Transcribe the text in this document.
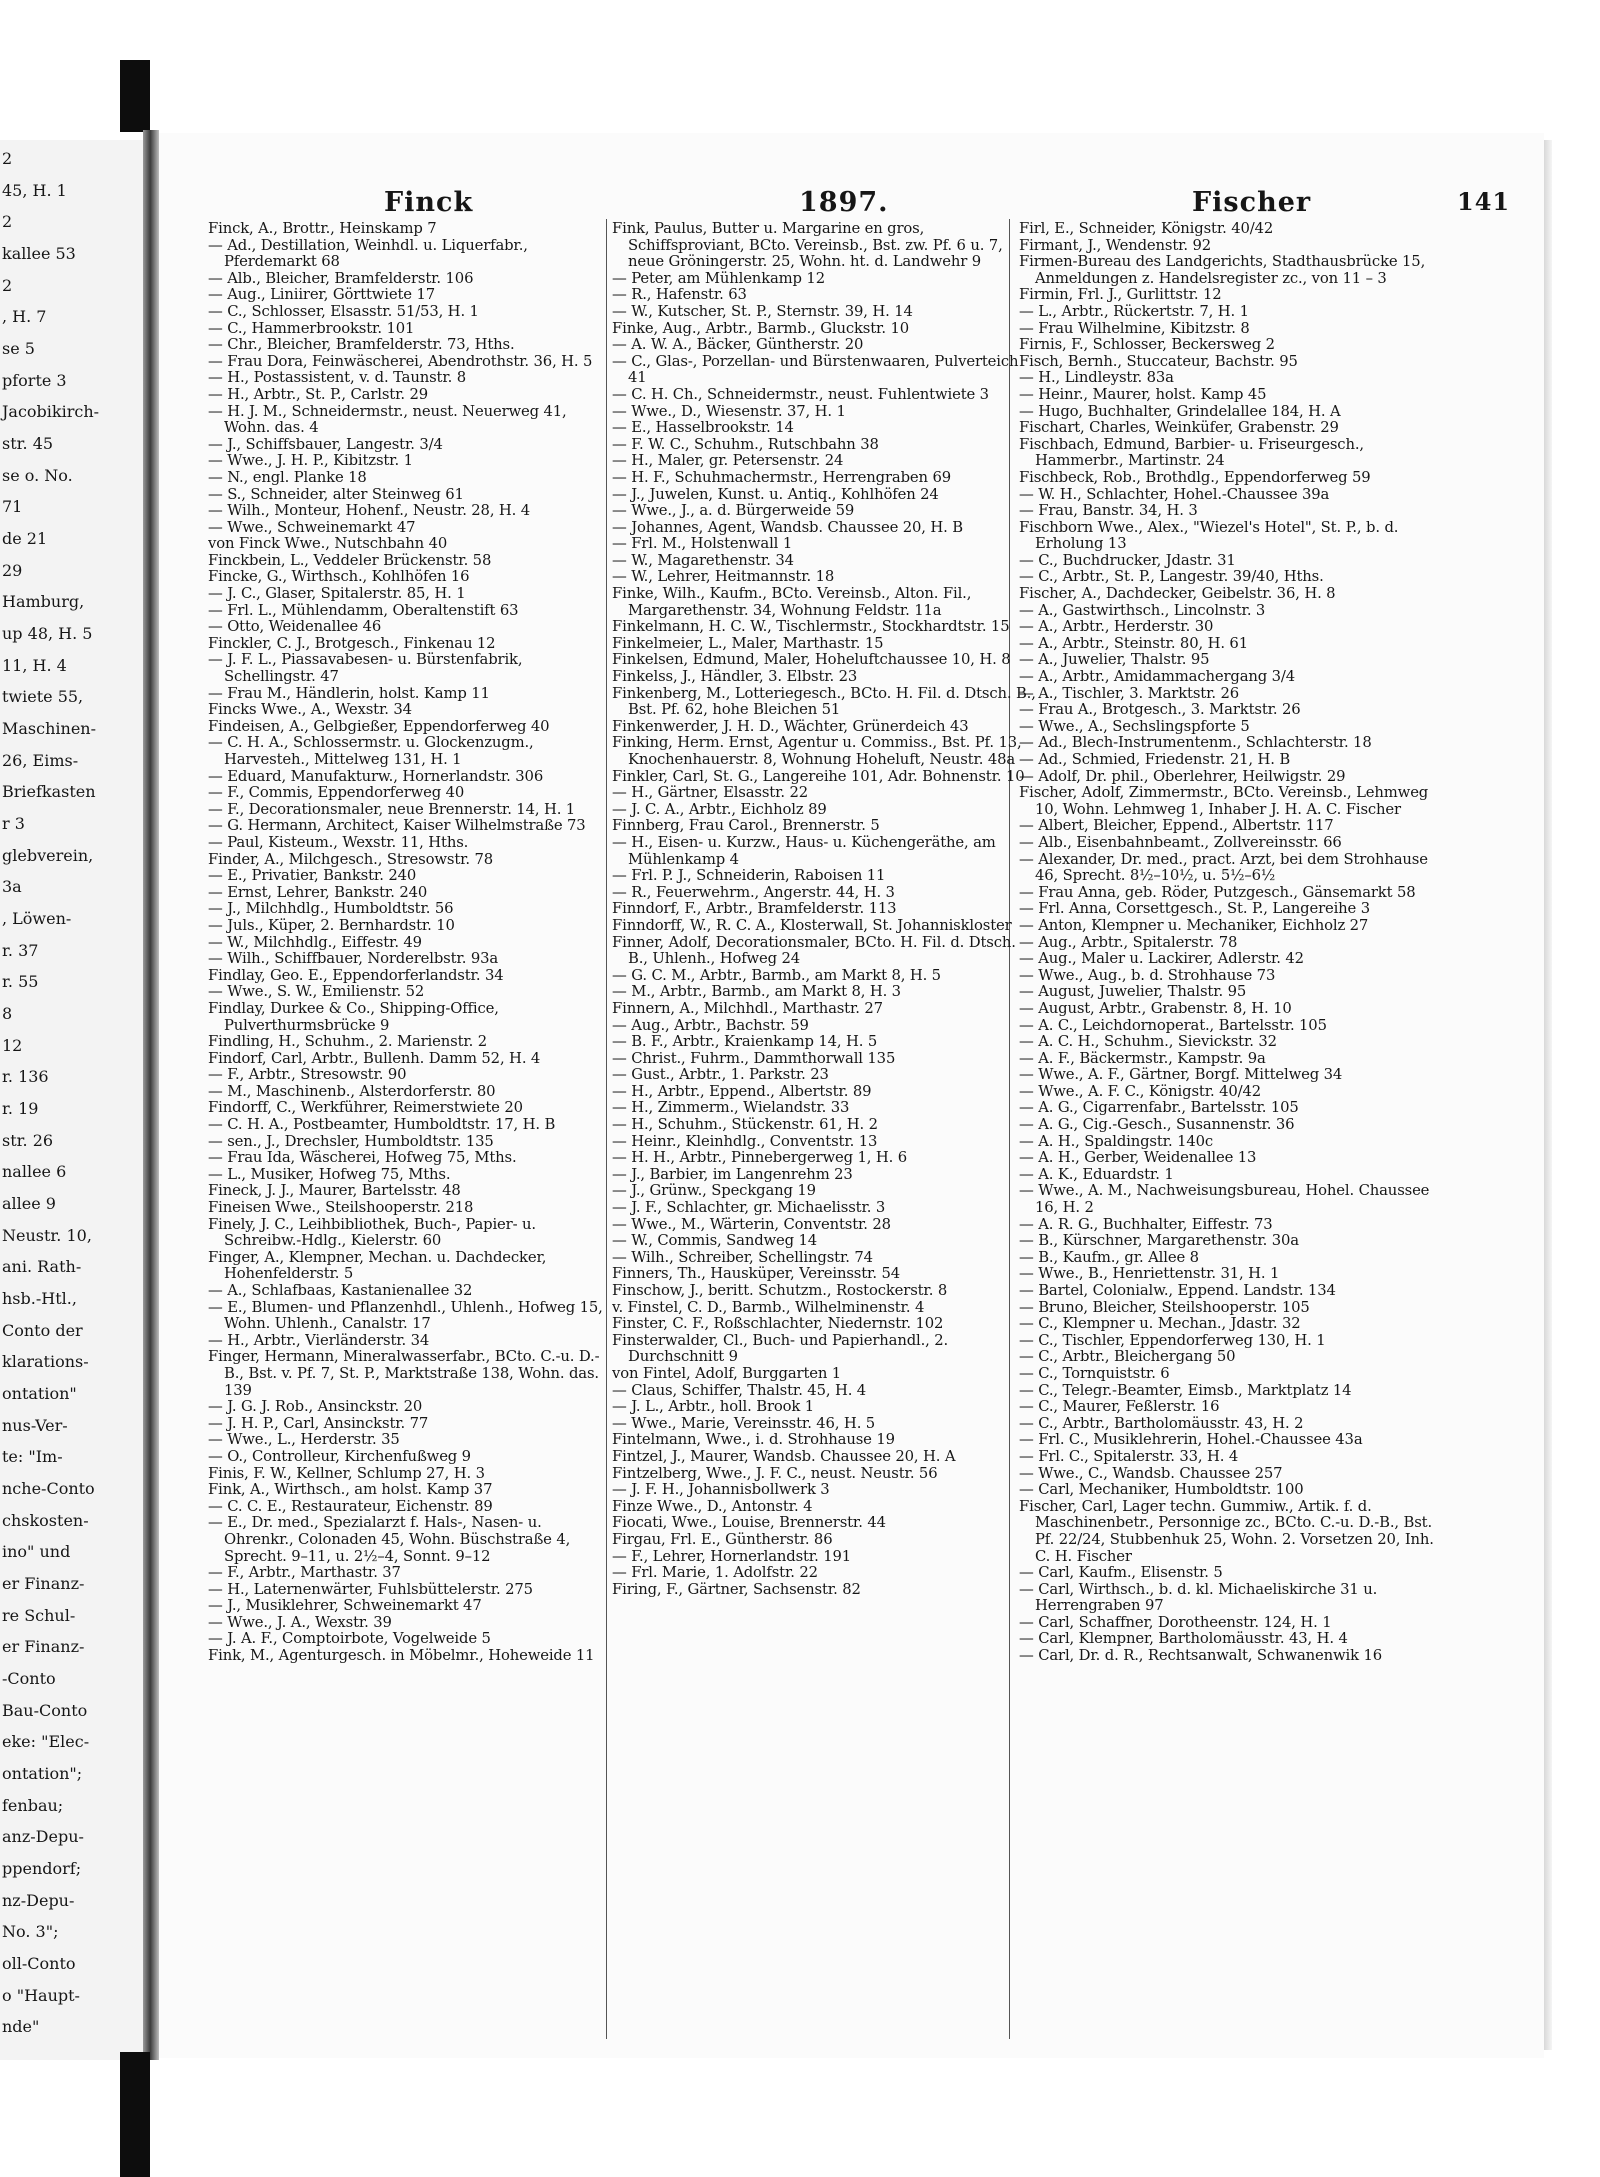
2
45, H. 1
2
kallee 53
2
, H. 7
se 5
pforte 3
Jacobikirch-
str. 45
se o. No.
71
de 21
29
Hamburg,
up 48, H. 5
11, H. 4
twiete 55,
Maschinen-
26, Eims-
Briefkasten
r 3
glebverein,
3a
, Löwen-
r. 37
r. 55
8
12
r. 136
r. 19
str. 26
nallee 6
allee 9
Neustr. 10,
ani. Rath-
hsb.-Htl.,
Conto der
klarations-
ontation"
nus-Ver-
te: "Im-
nche-Conto
chskosten-
ino" und
er Finanz-
re Schul-
er Finanz-
-Conto
Bau-Conto
eke: "Elec-
ontation";
fenbau;
anz-Depu-
ppendorf;
nz-Depu-
No. 3";
oll-Conto
o "Haupt-
nde"
Finck	1897.	Fischer	141

Finck, A., Brottr., Heinskamp 7

— Ad., Destillation, Weinhdl. u. Liquerfabr., Pferdemarkt 68

— Alb., Bleicher, Bramfelderstr. 106

— Aug., Liniirer, Görttwiete 17

— C., Schlosser, Elsasstr. 51/53, H. 1

— C., Hammerbrookstr. 101

— Chr., Bleicher, Bramfelderstr. 73, Hths.

— Frau Dora, Feinwäscherei, Abendrothstr. 36, H. 5

— H., Postassistent, v. d. Taunstr. 8

— H., Arbtr., St. P., Carlstr. 29

— H. J. M., Schneidermstr., neust. Neuerweg 41, Wohn. das. 4

— J., Schiffsbauer, Langestr. 3/4

— Wwe., J. H. P., Kibitzstr. 1

— N., engl. Planke 18

— S., Schneider, alter Steinweg 61

— Wilh., Monteur, Hohenf., Neustr. 28, H. 4

— Wwe., Schweinemarkt 47

von Finck Wwe., Nutschbahn 40

Finckbein, L., Veddeler Brückenstr. 58

Fincke, G., Wirthsch., Kohlhöfen 16

— J. C., Glaser, Spitalerstr. 85, H. 1

— Frl. L., Mühlendamm, Oberaltenstift 63

— Otto, Weidenallee 46

Finckler, C. J., Brotgesch., Finkenau 12

— J. F. L., Piassavabesen- u. Bürstenfabrik, Schellingstr. 47

— Frau M., Händlerin, holst. Kamp 11

Fincks Wwe., A., Wexstr. 34

Findeisen, A., Gelbgießer, Eppendorferweg 40

— C. H. A., Schlossermstr. u. Glockenzugm., Harvesteh., Mittelweg 131, H. 1

— Eduard, Manufakturw., Hornerlandstr. 306

— F., Commis, Eppendorferweg 40

— F., Decorationsmaler, neue Brennerstr. 14, H. 1

— G. Hermann, Architect, Kaiser Wilhelmstraße 73

— Paul, Kisteum., Wexstr. 11, Hths.

Finder, A., Milchgesch., Stresowstr. 78

— E., Privatier, Bankstr. 240

— Ernst, Lehrer, Bankstr. 240

— J., Milchhdlg., Humboldtstr. 56

— Juls., Küper, 2. Bernhardstr. 10

— W., Milchhdlg., Eiffestr. 49

— Wilh., Schiffbauer, Norderelbstr. 93a

Findlay, Geo. E., Eppendorferlandstr. 34

— Wwe., S. W., Emilienstr. 52

Findlay, Durkee & Co., Shipping-Office, Pulverthurmsbrücke 9

Findling, H., Schuhm., 2. Marienstr. 2

Findorf, Carl, Arbtr., Bullenh. Damm 52, H. 4

— F., Arbtr., Stresowstr. 90

— M., Maschinenb., Alsterdorferstr. 80

Findorff, C., Werkführer, Reimerstwiete 20

— C. H. A., Postbeamter, Humboldtstr. 17, H. B

— sen., J., Drechsler, Humboldtstr. 135

— Frau Ida, Wäscherei, Hofweg 75, Mths.

— L., Musiker, Hofweg 75, Mths.

Fineck, J. J., Maurer, Bartelsstr. 48

Fineisen Wwe., Steilshooperstr. 218

Finely, J. C., Leihbibliothek, Buch-, Papier- u. Schreibw.-Hdlg., Kielerstr. 60

Finger, A., Klempner, Mechan. u. Dachdecker, Hohenfelderstr. 5

— A., Schlafbaas, Kastanienallee 32

— E., Blumen- und Pflanzenhdl., Uhlenh., Hofweg 15, Wohn. Uhlenh., Canalstr. 17

— H., Arbtr., Vierländerstr. 34

Finger, Hermann, Mineralwasserfabr., BCto. C.-u. D.-B., Bst. v. Pf. 7, St. P., Marktstraße 138, Wohn. das. 139

— J. G. J. Rob., Ansinckstr. 20

— J. H. P., Carl, Ansinckstr. 77

— Wwe., L., Herderstr. 35

— O., Controlleur, Kirchenfußweg 9

Finis, F. W., Kellner, Schlump 27, H. 3

Fink, A., Wirthsch., am holst. Kamp 37

— C. C. E., Restaurateur, Eichenstr. 89

— E., Dr. med., Spezialarzt f. Hals-, Nasen- u. Ohrenkr., Colonaden 45, Wohn. Büschstraße 4, Sprecht. 9–11, u. 2½–4, Sonnt. 9–12

— F., Arbtr., Marthastr. 37

— H., Laternenwärter, Fuhlsbüttelerstr. 275

— J., Musiklehrer, Schweinemarkt 47

— Wwe., J. A., Wexstr. 39

— J. A. F., Comptoirbote, Vogelweide 5

Fink, M., Agenturgesch. in Möbelmr., Hoheweide 11

Fink, Paulus, Butter u. Margarine en gros, Schiffsproviant, BCto. Vereinsb., Bst. zw. Pf. 6 u. 7, neue Gröningerstr. 25, Wohn. ht. d. Landwehr 9

— Peter, am Mühlenkamp 12

— R., Hafenstr. 63

— W., Kutscher, St. P., Sternstr. 39, H. 14

Finke, Aug., Arbtr., Barmb., Gluckstr. 10

— A. W. A., Bäcker, Güntherstr. 20

— C., Glas-, Porzellan- und Bürstenwaaren, Pulverteich 41

— C. H. Ch., Schneidermstr., neust. Fuhlentwiete 3

— Wwe., D., Wiesenstr. 37, H. 1

— E., Hasselbrookstr. 14

— F. W. C., Schuhm., Rutschbahn 38

— H., Maler, gr. Petersenstr. 24

— H. F., Schuhmachermstr., Herrengraben 69

— J., Juwelen, Kunst. u. Antiq., Kohlhöfen 24

— Wwe., J., a. d. Bürgerweide 59

— Johannes, Agent, Wandsb. Chaussee 20, H. B

— Frl. M., Holstenwall 1

— W., Magarethenstr. 34

— W., Lehrer, Heitmannstr. 18

Finke, Wilh., Kaufm., BCto. Vereinsb., Alton. Fil., Margarethenstr. 34, Wohnung Feldstr. 11a

Finkelmann, H. C. W., Tischlermstr., Stockhardtstr. 15

Finkelmeier, L., Maler, Marthastr. 15

Finkelsen, Edmund, Maler, Hoheluftchaussee 10, H. 8

Finkelss, J., Händler, 3. Elbstr. 23

Finkenberg, M., Lotteriegesch., BCto. H. Fil. d. Dtsch. B., Bst. Pf. 62, hohe Bleichen 51

Finkenwerder, J. H. D., Wächter, Grünerdeich 43

Finking, Herm. Ernst, Agentur u. Commiss., Bst. Pf. 13, Knochenhauerstr. 8, Wohnung Hoheluft, Neustr. 48a

Finkler, Carl, St. G., Langereihe 101, Adr. Bohnenstr. 10

— H., Gärtner, Elsasstr. 22

— J. C. A., Arbtr., Eichholz 89

Finnberg, Frau Carol., Brennerstr. 5

— H., Eisen- u. Kurzw., Haus- u. Küchengeräthe, am Mühlenkamp 4

— Frl. P. J., Schneiderin, Raboisen 11

— R., Feuerwehrm., Angerstr. 44, H. 3

Finndorf, F., Arbtr., Bramfelderstr. 113

Finndorff, W., R. C. A., Klosterwall, St. Johanniskloster

Finner, Adolf, Decorationsmaler, BCto. H. Fil. d. Dtsch. B., Uhlenh., Hofweg 24

— G. C. M., Arbtr., Barmb., am Markt 8, H. 5

— M., Arbtr., Barmb., am Markt 8, H. 3

Finnern, A., Milchhdl., Marthastr. 27

— Aug., Arbtr., Bachstr. 59

— B. F., Arbtr., Kraienkamp 14, H. 5

— Christ., Fuhrm., Dammthorwall 135

— Gust., Arbtr., 1. Parkstr. 23

— H., Arbtr., Eppend., Albertstr. 89

— H., Zimmerm., Wielandstr. 33

— H., Schuhm., Stückenstr. 61, H. 2

— Heinr., Kleinhdlg., Conventstr. 13

— H. H., Arbtr., Pinnebergerweg 1, H. 6

— J., Barbier, im Langenrehm 23

— J., Grünw., Speckgang 19

— J. F., Schlachter, gr. Michaelisstr. 3

— Wwe., M., Wärterin, Conventstr. 28

— W., Commis, Sandweg 14

— Wilh., Schreiber, Schellingstr. 74

Finners, Th., Hausküper, Vereinsstr. 54

Finschow, J., beritt. Schutzm., Rostockerstr. 8

v. Finstel, C. D., Barmb., Wilhelminenstr. 4

Finster, C. F., Roßschlachter, Niedernstr. 102

Finsterwalder, Cl., Buch- und Papierhandl., 2. Durchschnitt 9

von Fintel, Adolf, Burggarten 1

— Claus, Schiffer, Thalstr. 45, H. 4

— J. L., Arbtr., holl. Brook 1

— Wwe., Marie, Vereinsstr. 46, H. 5

Fintelmann, Wwe., i. d. Strohhause 19

Fintzel, J., Maurer, Wandsb. Chaussee 20, H. A

Fintzelberg, Wwe., J. F. C., neust. Neustr. 56

— J. F. H., Johannisbollwerk 3

Finze Wwe., D., Antonstr. 4

Fiocati, Wwe., Louise, Brennerstr. 44

Firgau, Frl. E., Güntherstr. 86

— F., Lehrer, Hornerlandstr. 191

— Frl. Marie, 1. Adolfstr. 22

Firing, F., Gärtner, Sachsenstr. 82

Firl, E., Schneider, Königstr. 40/42

Firmant, J., Wendenstr. 92

Firmen-Bureau des Landgerichts, Stadthausbrücke 15, Anmeldungen z. Handelsregister zc., von 11 – 3

Firmin, Frl. J., Gurlittstr. 12

— L., Arbtr., Rückertstr. 7, H. 1

— Frau Wilhelmine, Kibitzstr. 8

Firnis, F., Schlosser, Beckersweg 2

Fisch, Bernh., Stuccateur, Bachstr. 95

— H., Lindleystr. 83a

— Heinr., Maurer, holst. Kamp 45

— Hugo, Buchhalter, Grindelallee 184, H. A

Fischart, Charles, Weinküfer, Grabenstr. 29

Fischbach, Edmund, Barbier- u. Friseurgesch., Hammerbr., Martinstr. 24

Fischbeck, Rob., Brothdlg., Eppendorferweg 59

— W. H., Schlachter, Hohel.-Chaussee 39a

— Frau, Banstr. 34, H. 3

Fischborn Wwe., Alex., "Wiezel's Hotel", St. P., b. d. Erholung 13

— C., Buchdrucker, Jdastr. 31

— C., Arbtr., St. P., Langestr. 39/40, Hths.

Fischer, A., Dachdecker, Geibelstr. 36, H. 8

— A., Gastwirthsch., Lincolnstr. 3

— A., Arbtr., Herderstr. 30

— A., Arbtr., Steinstr. 80, H. 61

— A., Juwelier, Thalstr. 95

— A., Arbtr., Amidammachergang 3/4

— A., Tischler, 3. Marktstr. 26

— Frau A., Brotgesch., 3. Marktstr. 26

— Wwe., A., Sechslingspforte 5

— Ad., Blech-Instrumentenm., Schlachterstr. 18

— Ad., Schmied, Friedenstr. 21, H. B

— Adolf, Dr. phil., Oberlehrer, Heilwigstr. 29

Fischer, Adolf, Zimmermstr., BCto. Vereinsb., Lehmweg 10, Wohn. Lehmweg 1, Inhaber J. H. A. C. Fischer

— Albert, Bleicher, Eppend., Albertstr. 117

— Alb., Eisenbahnbeamt., Zollvereinsstr. 66

— Alexander, Dr. med., pract. Arzt, bei dem Strohhause 46, Sprecht. 8½–10½, u. 5½–6½

— Frau Anna, geb. Röder, Putzgesch., Gänsemarkt 58

— Frl. Anna, Corsettgesch., St. P., Langereihe 3

— Anton, Klempner u. Mechaniker, Eichholz 27

— Aug., Arbtr., Spitalerstr. 78

— Aug., Maler u. Lackirer, Adlerstr. 42

— Wwe., Aug., b. d. Strohhause 73

— August, Juwelier, Thalstr. 95

— August, Arbtr., Grabenstr. 8, H. 10

— A. C., Leichdornoperat., Bartelsstr. 105

— A. C. H., Schuhm., Sievickstr. 32

— A. F., Bäckermstr., Kampstr. 9a

— Wwe., A. F., Gärtner, Borgf. Mittelweg 34

— Wwe., A. F. C., Königstr. 40/42

— A. G., Cigarrenfabr., Bartelsstr. 105

— A. G., Cig.-Gesch., Susannenstr. 36

— A. H., Spaldingstr. 140c

— A. H., Gerber, Weidenallee 13

— A. K., Eduardstr. 1

— Wwe., A. M., Nachweisungsbureau, Hohel. Chaussee 16, H. 2

— A. R. G., Buchhalter, Eiffestr. 73

— B., Kürschner, Margarethenstr. 30a

— B., Kaufm., gr. Allee 8

— Wwe., B., Henriettenstr. 31, H. 1

— Bartel, Colonialw., Eppend. Landstr. 134

— Bruno, Bleicher, Steilshooperstr. 105

— C., Klempner u. Mechan., Jdastr. 32

— C., Tischler, Eppendorferweg 130, H. 1

— C., Arbtr., Bleichergang 50

— C., Tornquiststr. 6

— C., Telegr.-Beamter, Eimsb., Marktplatz 14

— C., Maurer, Feßlerstr. 16

— C., Arbtr., Bartholomäusstr. 43, H. 2

— Frl. C., Musiklehrerin, Hohel.-Chaussee 43a

— Frl. C., Spitalerstr. 33, H. 4

— Wwe., C., Wandsb. Chaussee 257

— Carl, Mechaniker, Humboldtstr. 100

Fischer, Carl, Lager techn. Gummiw., Artik. f. d. Maschinenbetr., Personnige zc., BCto. C.-u. D.-B., Bst. Pf. 22/24, Stubbenhuk 25, Wohn. 2. Vorsetzen 20, Inh. C. H. Fischer

— Carl, Kaufm., Elisenstr. 5

— Carl, Wirthsch., b. d. kl. Michaeliskirche 31 u. Herrengraben 97

— Carl, Schaffner, Dorotheenstr. 124, H. 1

— Carl, Klempner, Bartholomäusstr. 43, H. 4

— Carl, Dr. d. R., Rechtsanwalt, Schwanenwik 16
